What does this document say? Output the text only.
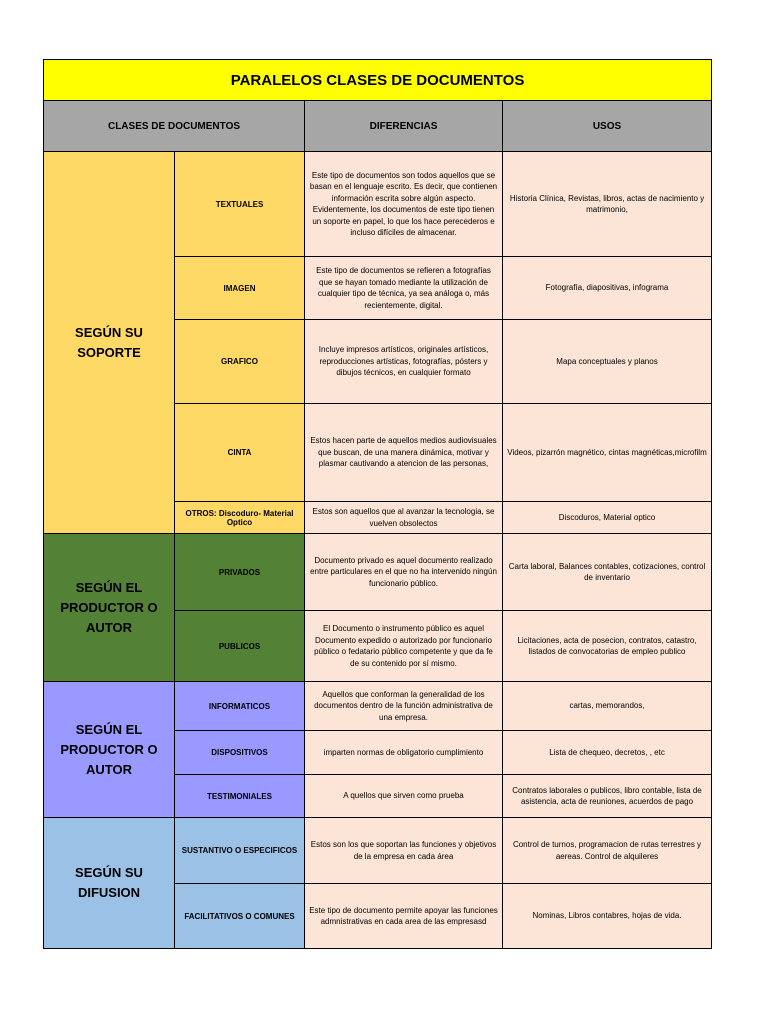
PARALELOS CLASES DE DOCUMENTOS			
CLASES DE DOCUMENTOS		DIFERENCIAS	USOS
SEGÚN SU SOPORTE	TEXTUALES	Este tipo de documentos son todos aquellos que se basan en el lenguaje escrito. Es decir, que contienen información escrita sobre algún aspecto. Evidentemente, los documentos de este tipo tienen un soporte en papel, lo que los hace perecederos e incluso difíciles de almacenar.	Historia Clínica, Revistas, libros, actas de nacimiento y matrimonio,
	IMAGEN	Este tipo de documentos se refieren a fotografías que se hayan tomado mediante la utilización de cualquier tipo de técnica, ya sea análoga o, más recientemente, digital.	Fotografía, diapositivas, infograma
	GRAFICO	Incluye impresos artísticos, originales artísticos, reproducciones artísticas, fotografías, pósters y dibujos técnicos, en cualquier formato	Mapa conceptuales y planos
	CINTA	Estos hacen parte de aquellos medios audiovisuales que buscan, de una manera dinámica, motivar y plasmar cautivando a atencion de las personas,	Videos, pizarrón magnético, cintas magnéticas,microfilm
	OTROS: Discoduro- Material Optico	Estos son aquellos que al avanzar la tecnologia, se vuelven obsolectos	Discoduros, Material optico
SEGÚN EL PRODUCTOR O AUTOR	PRIVADOS	Documento privado es aquel documento realizado entre particulares en el que no ha intervenido ningún funcionario público.	Carta laboral, Balances contables, cotizaciones, control de inventario
	PUBLICOS	El Documento o instrumento público es aquel Documento expedido o autorizado por funcionario público o fedatario público competente y que da fe de su contenido por sí mismo.	Licitaciones, acta de posecion, contratos, catastro, listados de convocatorias de empleo publico
SEGÚN EL PRODUCTOR O AUTOR	INFORMATICOS	Aquellos que conforman la generalidad de los documentos dentro de la función administrativa de una empresa.	cartas, memorandos,
	DISPOSITIVOS	imparten normas de obligatorio cumplimiento	Lista de chequeo, decretos, , etc
	TESTIMONIALES	A quellos que sirven como prueba	Contratos laborales o publicos, libro contable, lista de asistencia, acta de reuniones, acuerdos de pago
SEGÚN SU DIFUSION	SUSTANTIVO O ESPECIFICOS	Estos son los que soportan las funciones y objetivos de la empresa en cada área	Control de turnos, programacion de rutas terrestres y aereas. Control de alquileres
	FACILITATIVOS O COMUNES	Este tipo de documento permite apoyar las funciones admnistrativas en cada area de las empresasd	Nominas, Libros contabres, hojas de vida.
